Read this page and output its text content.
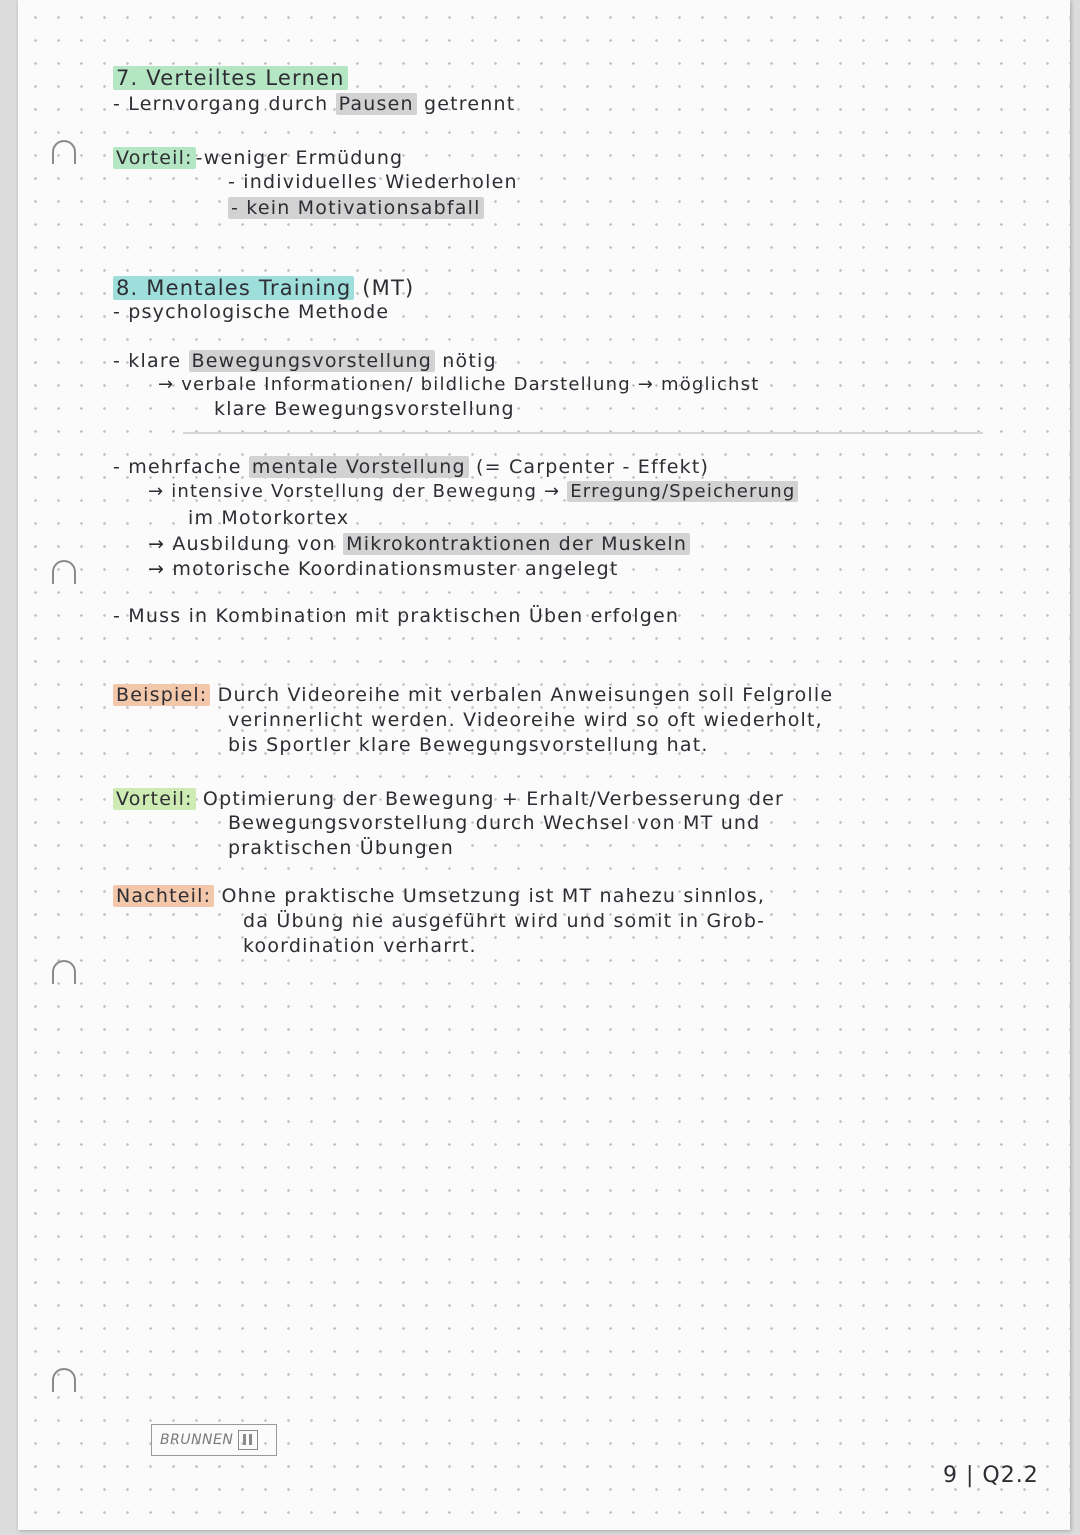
7. Verteiltes Lernen

- Lernvorgang durch Pausen getrennt

Vorteil: -weniger Ermüdung

- individuelles Wiederholen

- kein Motivationsabfall

8. Mentales Training (MT)

- psychologische Methode

- klare Bewegungsvorstellung nötig

→ verbale Informationen/ bildliche Darstellung → möglichst

klare Bewegungsvorstellung

- mehrfache mentale Vorstellung (= Carpenter - Effekt)

→ intensive Vorstellung der Bewegung → Erregung/Speicherung

im Motorkortex

→ Ausbildung von Mikrokontraktionen der Muskeln

→ motorische Koordinationsmuster angelegt

- Muss in Kombination mit praktischen Üben erfolgen

Beispiel: Durch Videoreihe mit verbalen Anweisungen soll Felgrolle

verinnerlicht werden. Videoreihe wird so oft wiederholt,

bis Sportler klare Bewegungsvorstellung hat.

Vorteil: Optimierung der Bewegung + Erhalt/Verbesserung der

Bewegungsvorstellung durch Wechsel von MT und

praktischen Übungen

Nachteil: Ohne praktische Umsetzung ist MT nahezu sinnlos,

da Übung nie ausgeführt wird und somit in Grob-

koordination verharrt.

BRUNNEN
9 | Q2.2
